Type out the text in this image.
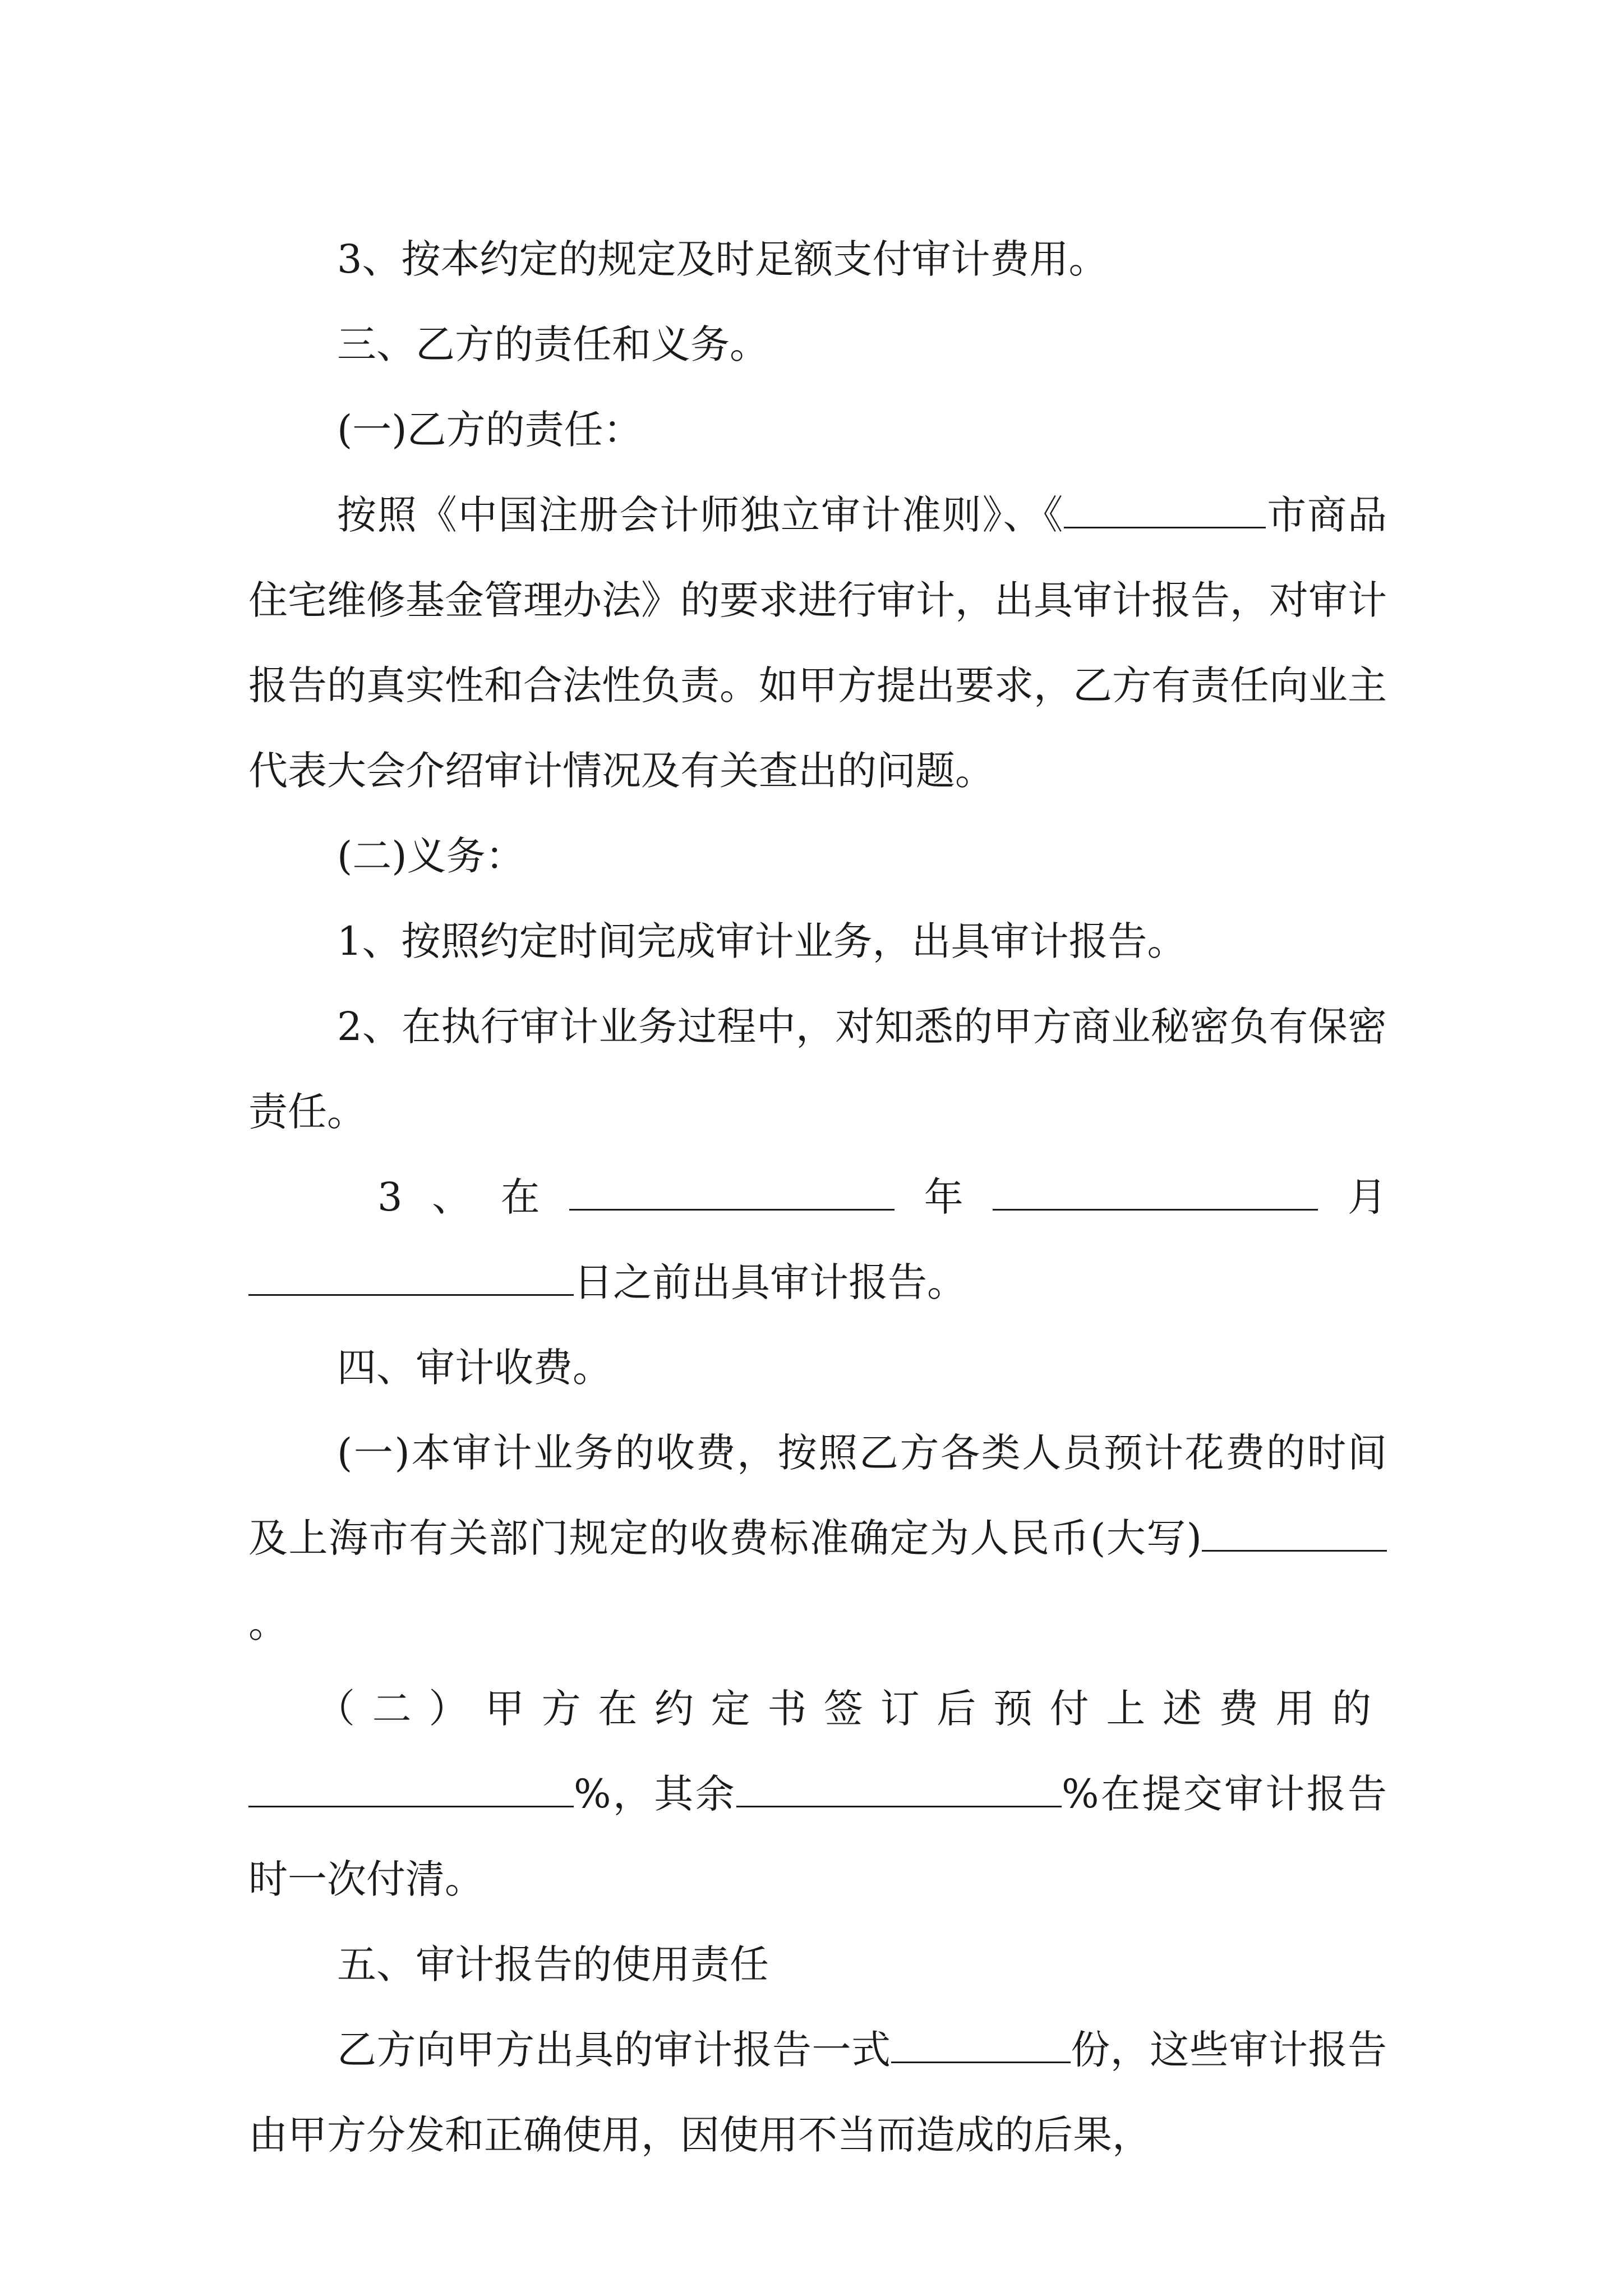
3、按本约定的规定及时足额支付审计费用。

三、乙方的责任和义务。

(一)乙方的责任：

按照《中国注册会计师独立审计准则》、《	市商品住宅维修基金管理办法》的要求进行审计，出具审计报告，对审计报告的真实性和合法性负责。如甲方提出要求，乙方有责任向业主代表大会介绍审计情况及有关查出的问题。

(二)义务：

1、按照约定时间完成审计业务，出具审计报告。

2、在执行审计业务过程中，对知悉的甲方商业秘密负有保密责任。

3 、 在	年	月

日之前出具审计报告。

四、审计收费。

(一)本审计业务的收费，按照乙方各类人员预计花费的时间及上海市有关部门规定的收费标准确定为人民币(大写)。

（二）甲方在约定书签订后预付上述费用的%，其余	%在提交审计报告时一次付清。

五、审计报告的使用责任

乙方向甲方出具的审计报告一式	份，这些审计报告由甲方分发和正确使用，因使用不当而造成的后果，
